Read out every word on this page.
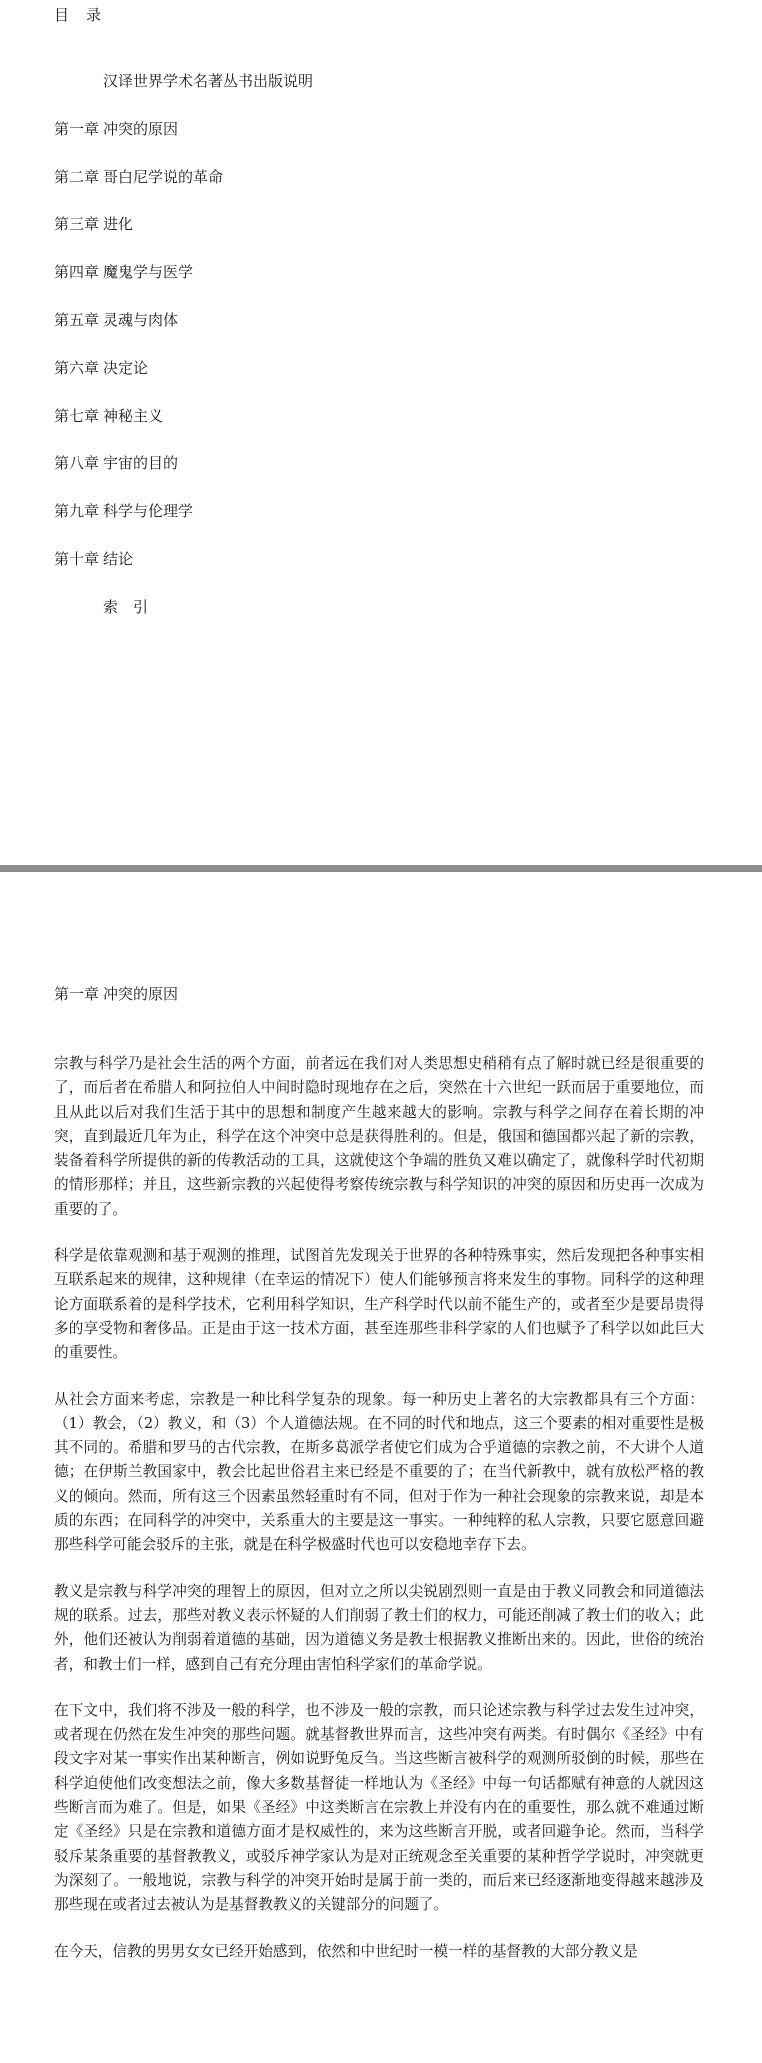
目　录
汉译世界学术名著丛书出版说明
第一章 冲突的原因
第二章 哥白尼学说的革命
第三章 进化
第四章 魔鬼学与医学
第五章 灵魂与肉体
第六章 决定论
第七章 神秘主义
第八章 宇宙的目的
第九章 科学与伦理学
第十章 结论
索　引
第一章 冲突的原因

宗教与科学乃是社会生活的两个方面，前者远在我们对人类思想史稍稍有点了解时就已经是很重要的了，而后者在希腊人和阿拉伯人中间时隐时现地存在之后，突然在十六世纪一跃而居于重要地位，而且从此以后对我们生活于其中的思想和制度产生越来越大的影响。宗教与科学之间存在着长期的冲突，直到最近几年为止，科学在这个冲突中总是获得胜利的。但是，俄国和德国都兴起了新的宗教，装备着科学所提供的新的传教活动的工具，这就使这个争端的胜负又难以确定了，就像科学时代初期的情形那样；并且，这些新宗教的兴起使得考察传统宗教与科学知识的冲突的原因和历史再一次成为重要的了。

科学是依靠观测和基于观测的推理，试图首先发现关于世界的各种特殊事实，然后发现把各种事实相互联系起来的规律，这种规律（在幸运的情况下）使人们能够预言将来发生的事物。同科学的这种理论方面联系着的是科学技术，它利用科学知识，生产科学时代以前不能生产的，或者至少是要昂贵得多的享受物和奢侈品。正是由于这一技术方面，甚至连那些非科学家的人们也赋予了科学以如此巨大的重要性。

从社会方面来考虑，宗教是一种比科学复杂的现象。每一种历史上著名的大宗教都具有三个方面：（1）教会，（2）教义，和（3）个人道德法规。在不同的时代和地点，这三个要素的相对重要性是极其不同的。希腊和罗马的古代宗教，在斯多葛派学者使它们成为合乎道德的宗教之前，不大讲个人道德；在伊斯兰教国家中，教会比起世俗君主来已经是不重要的了；在当代新教中，就有放松严格的教义的倾向。然而，所有这三个因素虽然轻重时有不同，但对于作为一种社会现象的宗教来说，却是本质的东西；在同科学的冲突中，关系重大的主要是这一事实。一种纯粹的私人宗教，只要它愿意回避那些科学可能会驳斥的主张，就是在科学极盛时代也可以安稳地幸存下去。

教义是宗教与科学冲突的理智上的原因，但对立之所以尖锐剧烈则一直是由于教义同教会和同道德法规的联系。过去，那些对教义表示怀疑的人们削弱了教士们的权力，可能还削减了教士们的收入；此外，他们还被认为削弱着道德的基础，因为道德义务是教士根据教义推断出来的。因此，世俗的统治者，和教士们一样，感到自己有充分理由害怕科学家们的革命学说。

在下文中，我们将不涉及一般的科学，也不涉及一般的宗教，而只论述宗教与科学过去发生过冲突，或者现在仍然在发生冲突的那些问题。就基督教世界而言，这些冲突有两类。有时偶尔《圣经》中有段文字对某一事实作出某种断言，例如说野兔反刍。当这些断言被科学的观测所驳倒的时候，那些在科学迫使他们改变想法之前，像大多数基督徒一样地认为《圣经》中每一句话都赋有神意的人就因这些断言而为难了。但是，如果《圣经》中这类断言在宗教上并没有内在的重要性，那么就不难通过断定《圣经》只是在宗教和道德方面才是权威性的，来为这些断言开脱，或者回避争论。然而，当科学驳斥某条重要的基督教教义，或驳斥神学家认为是对正统观念至关重要的某种哲学学说时，冲突就更为深刻了。一般地说，宗教与科学的冲突开始时是属于前一类的，而后来已经逐渐地变得越来越涉及那些现在或者过去被认为是基督教教义的关键部分的问题了。

在今天，信教的男男女女已经开始感到，依然和中世纪时一模一样的基督教的大部分教义是
